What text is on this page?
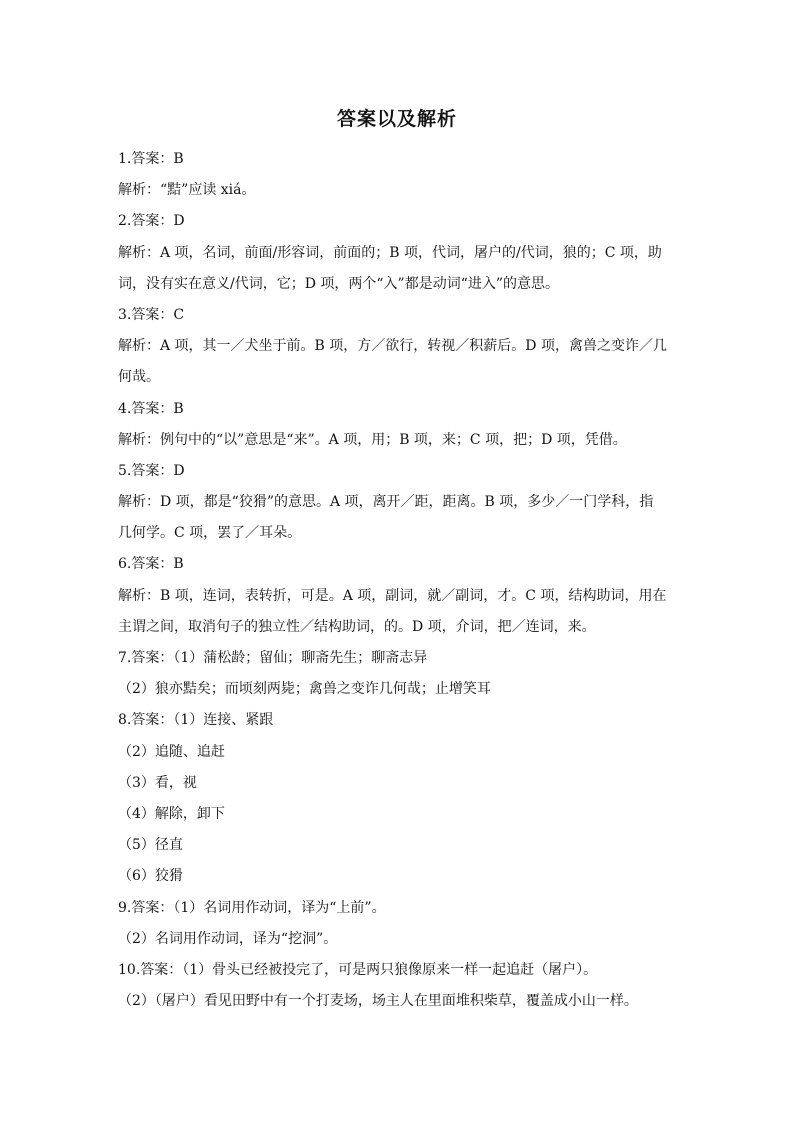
答案以及解析
1.答案：B
解析：“黠”应读 xiá。
2.答案：D
解析：A 项，名词，前面/形容词，前面的；B 项，代词，屠户的/代词，狼的；C 项，助
词，没有实在意义/代词，它；D 项，两个“入”都是动词“进入”的意思。
3.答案：C
解析：A 项，其一／犬坐于前。B 项，方／欲行，转视／积薪后。D 项，禽兽之变诈／几
何哉。
4.答案：B
解析：例句中的“以”意思是“来”。A 项，用；B 项，来；C 项，把；D 项，凭借。
5.答案：D
解析：D 项，都是“狡猾”的意思。A 项，离开／距，距离。B 项，多少／一门学科，指
几何学。C 项，罢了／耳朵。
6.答案：B
解析：B 项，连词，表转折，可是。A 项，副词，就／副词，才。C 项，结构助词，用在
主谓之间，取消句子的独立性／结构助词，的。D 项，介词，把／连词，来。
7.答案：（1）蒲松龄；留仙；聊斋先生；聊斋志异
（2）狼亦黠矣；而顷刻两毙；禽兽之变诈几何哉；止增笑耳
8.答案：（1）连接、紧跟
（2）追随、追赶
（3）看，视
（4）解除，卸下
（5）径直
（6）狡猾
9.答案：（1）名词用作动词，译为“上前”。
（2）名词用作动词，译为“挖洞”。
10.答案：（1）骨头已经被投完了，可是两只狼像原来一样一起追赶（屠户）。
（2）（屠户）看见田野中有一个打麦场，场主人在里面堆积柴草，覆盖成小山一样。
